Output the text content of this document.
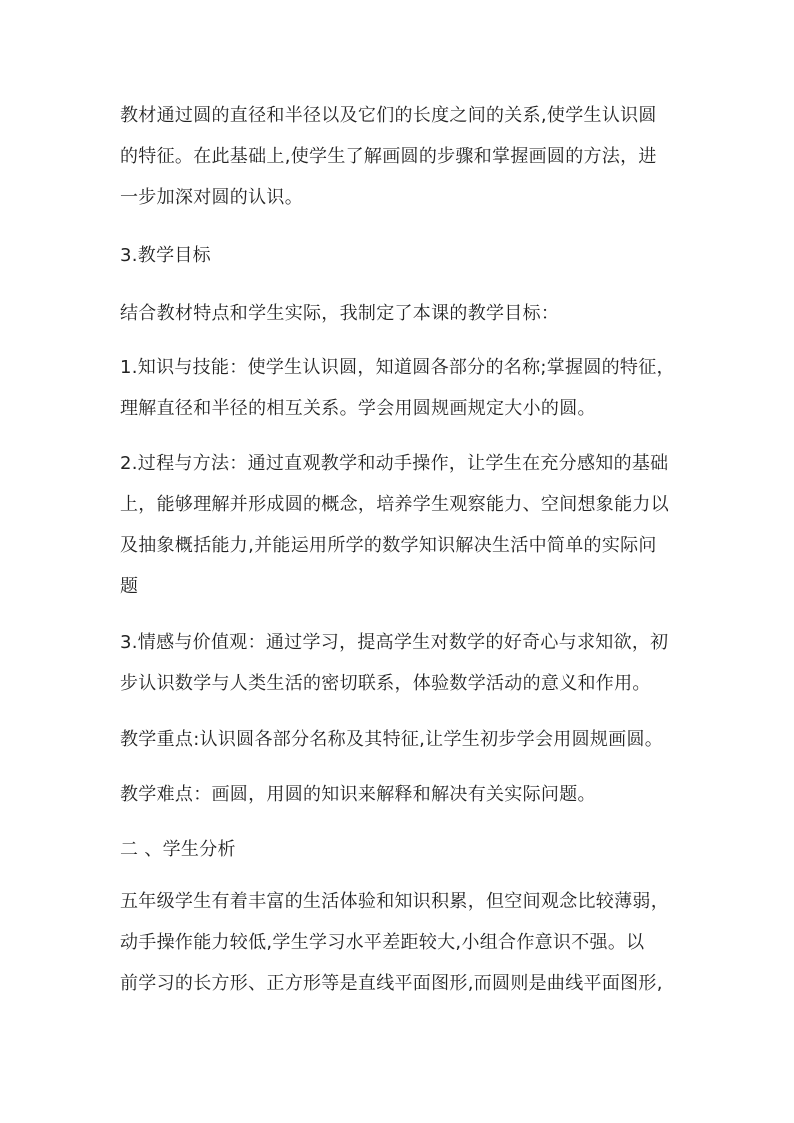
教材通过圆的直径和半径以及它们的长度之间的关系,使学生认识圆
的特征。在此基础上,使学生了解画圆的步骤和掌握画圆的方法，进
一步加深对圆的认识。

3.教学目标

结合教材特点和学生实际，我制定了本课的教学目标：

1.知识与技能：使学生认识圆，知道圆各部分的名称;掌握圆的特征，
理解直径和半径的相互关系。学会用圆规画规定大小的圆。

2.过程与方法：通过直观教学和动手操作，让学生在充分感知的基础
上，能够理解并形成圆的概念，培养学生观察能力、空间想象能力以
及抽象概括能力,并能运用所学的数学知识解决生活中简单的实际问
题

3.情感与价值观：通过学习，提高学生对数学的好奇心与求知欲，初
步认识数学与人类生活的密切联系，体验数学活动的意义和作用。

教学重点:认识圆各部分名称及其特征,让学生初步学会用圆规画圆。

教学难点：画圆，用圆的知识来解释和解决有关实际问题。

二 、学生分析

五年级学生有着丰富的生活体验和知识积累，但空间观念比较薄弱，
动手操作能力较低,学生学习水平差距较大,小组合作意识不强。以
前学习的长方形、正方形等是直线平面图形,而圆则是曲线平面图形,
